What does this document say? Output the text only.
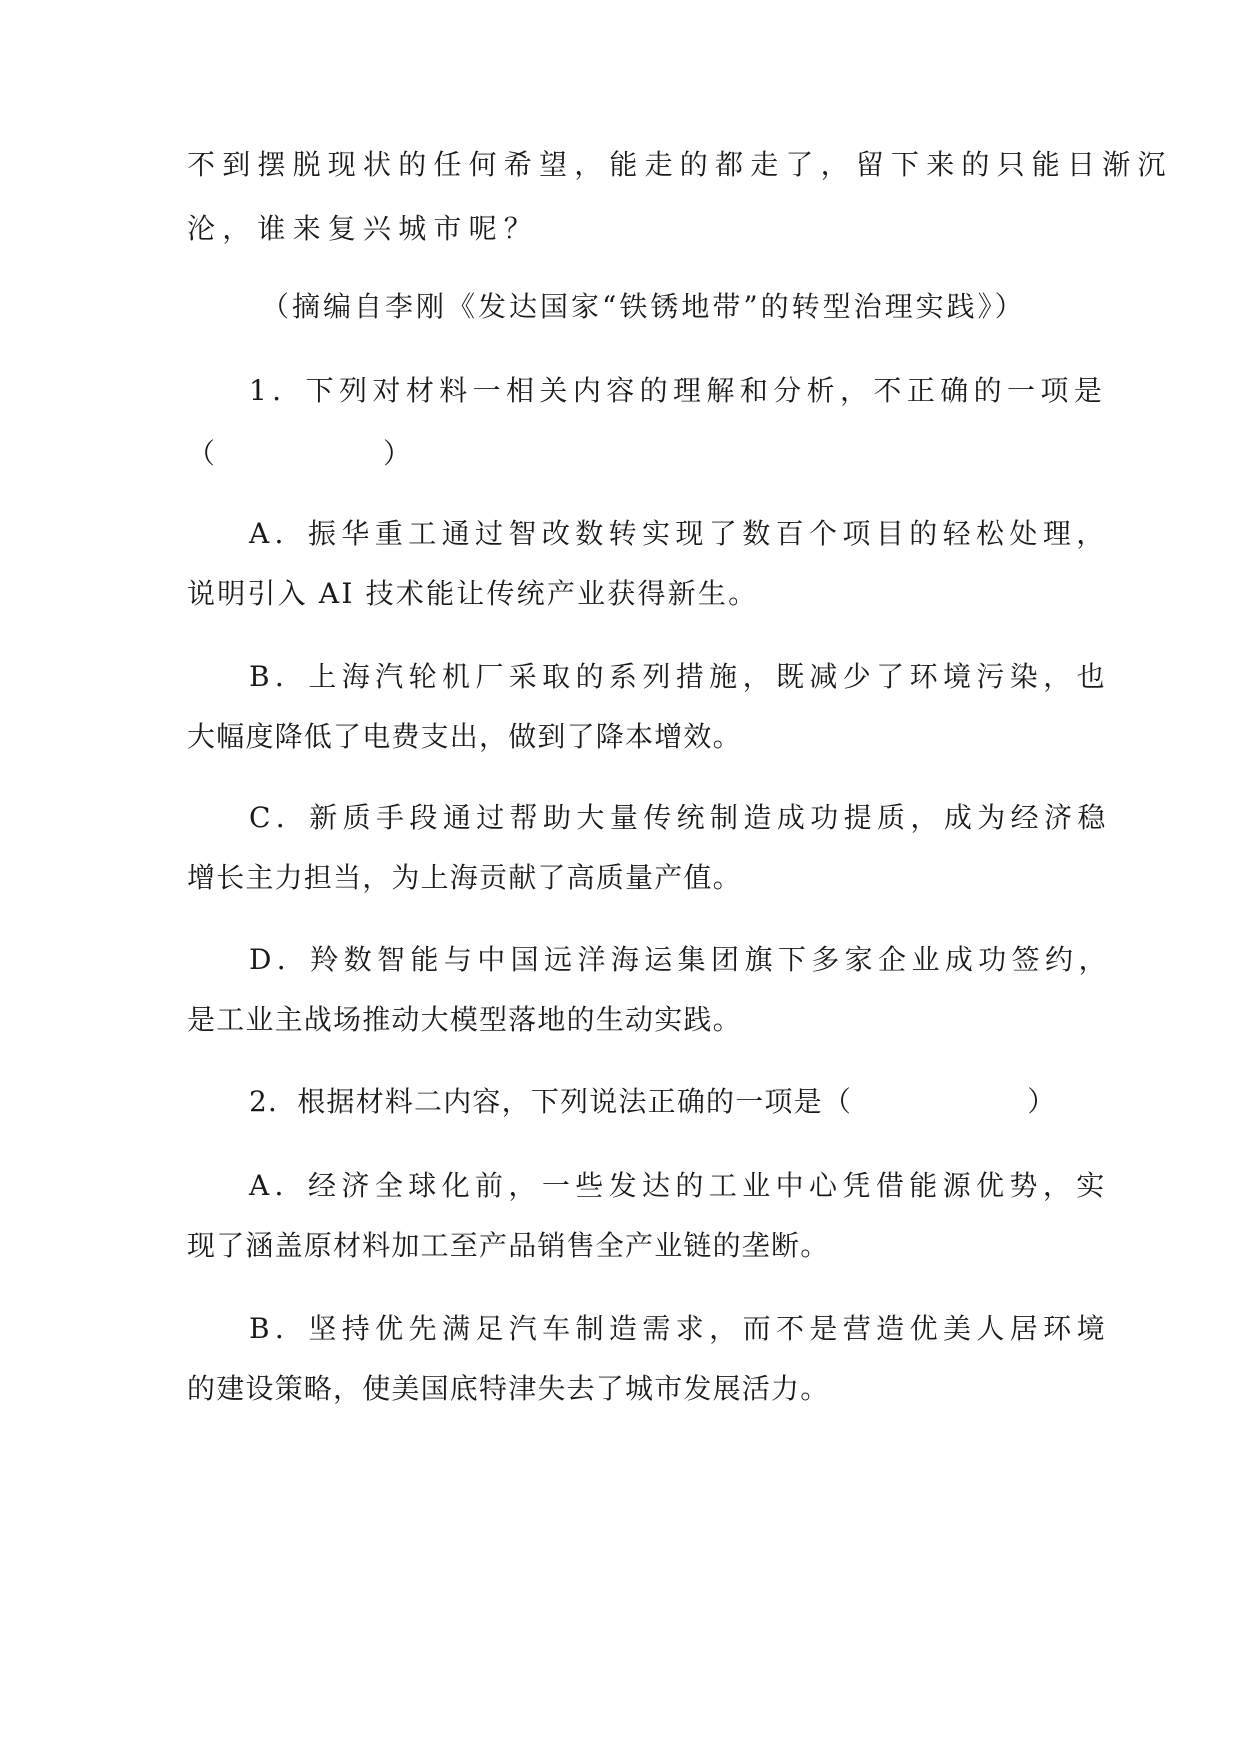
不到摆脱现状的任何希望，能走的都走了，留下来的只能日渐沉
沦，谁来复兴城市呢？
（摘编自李刚《发达国家“铁锈地带”的转型治理实践》）
1．下列对材料一相关内容的理解和分析，不正确的一项是
（　　　　　　）
A．振华重工通过智改数转实现了数百个项目的轻松处理，
说明引入 AI 技术能让传统产业获得新生。
B．上海汽轮机厂采取的系列措施，既减少了环境污染，也
大幅度降低了电费支出，做到了降本增效。
C．新质手段通过帮助大量传统制造成功提质，成为经济稳
增长主力担当，为上海贡献了高质量产值。
D．羚数智能与中国远洋海运集团旗下多家企业成功签约，
是工业主战场推动大模型落地的生动实践。
2．根据材料二内容，下列说法正确的一项是（　　　　　　）
A．经济全球化前，一些发达的工业中心凭借能源优势，实
现了涵盖原材料加工至产品销售全产业链的垄断。
B．坚持优先满足汽车制造需求，而不是营造优美人居环境
的建设策略，使美国底特津失去了城市发展活力。
